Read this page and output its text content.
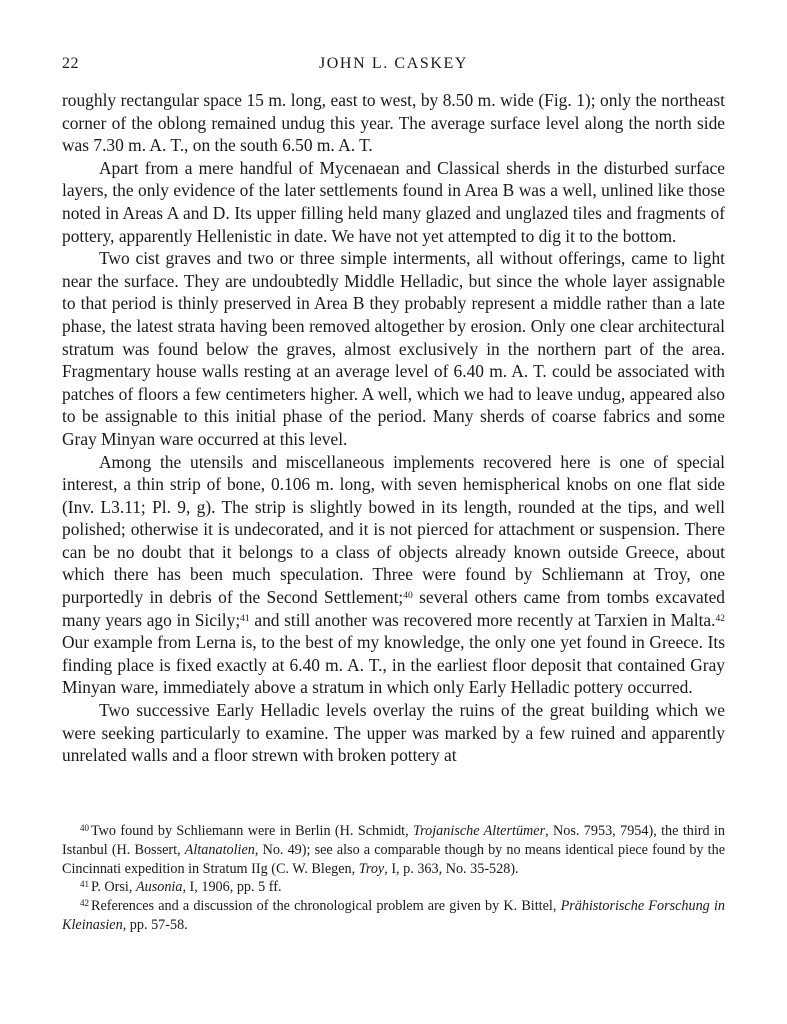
22	JOHN L. CASKEY

roughly rectangular space 15 m. long, east to west, by 8.50 m. wide (Fig. 1); only the northeast corner of the oblong remained undug this year. The average surface level along the north side was 7.30 m. A. T., on the south 6.50 m. A. T.

Apart from a mere handful of Mycenaean and Classical sherds in the disturbed surface layers, the only evidence of the later settlements found in Area B was a well, unlined like those noted in Areas A and D. Its upper filling held many glazed and unglazed tiles and fragments of pottery, apparently Hellenistic in date. We have not yet attempted to dig it to the bottom.

Two cist graves and two or three simple interments, all without offerings, came to light near the surface. They are undoubtedly Middle Helladic, but since the whole layer assignable to that period is thinly preserved in Area B they probably represent a middle rather than a late phase, the latest strata having been removed altogether by erosion. Only one clear architectural stratum was found below the graves, almost exclusively in the northern part of the area. Fragmentary house walls resting at an average level of 6.40 m. A. T. could be associated with patches of floors a few centimeters higher. A well, which we had to leave undug, appeared also to be assignable to this initial phase of the period. Many sherds of coarse fabrics and some Gray Minyan ware occurred at this level.

Among the utensils and miscellaneous implements recovered here is one of special interest, a thin strip of bone, 0.106 m. long, with seven hemispherical knobs on one flat side (Inv. L3.11; Pl. 9, g). The strip is slightly bowed in its length, rounded at the tips, and well polished; otherwise it is undecorated, and it is not pierced for attachment or suspension. There can be no doubt that it belongs to a class of objects already known outside Greece, about which there has been much speculation. Three were found by Schliemann at Troy, one purportedly in debris of the Second Settlement;$^{40}$ several others came from tombs excavated many years ago in Sicily;$^{41}$ and still another was recovered more recently at Tarxien in Malta.$^{42}$ Our example from Lerna is, to the best of my knowledge, the only one yet found in Greece. Its finding place is fixed exactly at 6.40 m. A. T., in the earliest floor deposit that contained Gray Minyan ware, immediately above a stratum in which only Early Helladic pottery occurred.

Two successive Early Helladic levels overlay the ruins of the great building which we were seeking particularly to examine. The upper was marked by a few ruined and apparently unrelated walls and a floor strewn with broken pottery at

$^{40}$ Two found by Schliemann were in Berlin (H. Schmidt, Trojanische Altertümer, Nos. 7953, 7954), the third in Istanbul (H. Bossert, Altanatolien, No. 49); see also a comparable though by no means identical piece found by the Cincinnati expedition in Stratum IIg (C. W. Blegen, Troy, I, p. 363, No. 35-528).

$^{41}$ P. Orsi, Ausonia, I, 1906, pp. 5 ff.

$^{42}$ References and a discussion of the chronological problem are given by K. Bittel, Prähistorische Forschung in Kleinasien, pp. 57-58.
